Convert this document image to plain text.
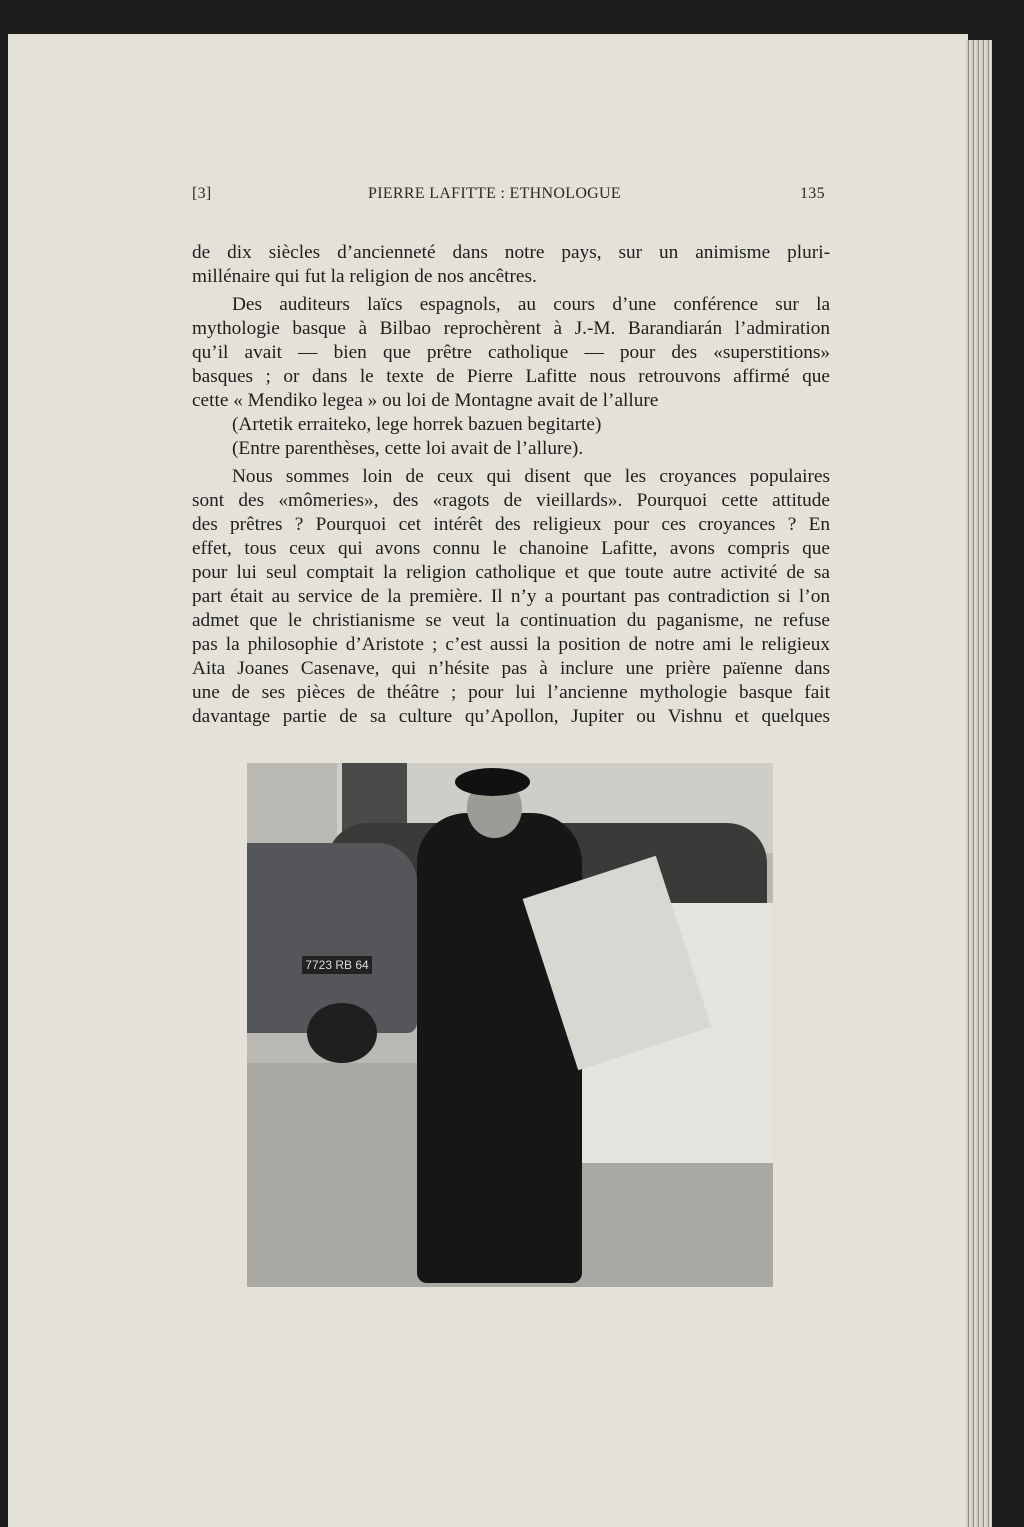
[3]	PIERRE LAFITTE : ETHNOLOGUE	135
de dix siècles d’ancienneté dans notre pays, sur un animisme pluri-
millénaire qui fut la religion de nos ancêtres.
Des auditeurs laïcs espagnols, au cours d’une conférence sur la
mythologie basque à Bilbao reprochèrent à J.-M. Barandiarán l’admiration
qu’il avait — bien que prêtre catholique — pour des «superstitions»
basques ; or dans le texte de Pierre Lafitte nous retrouvons affirmé que
cette « Mendiko legea » ou loi de Montagne avait de l’allure
(Artetik erraiteko, lege horrek bazuen begitarte)
(Entre parenthèses, cette loi avait de l’allure).
Nous sommes loin de ceux qui disent que les croyances populaires
sont des «mômeries», des «ragots de vieillards». Pourquoi cette attitude
des prêtres ? Pourquoi cet intérêt des religieux pour ces croyances ? En
effet, tous ceux qui avons connu le chanoine Lafitte, avons compris que
pour lui seul comptait la religion catholique et que toute autre activité de sa
part était au service de la première. Il n’y a pourtant pas contradiction si l’on
admet que le christianisme se veut la continuation du paganisme, ne refuse
pas la philosophie d’Aristote ; c’est aussi la position de notre ami le religieux
Aita Joanes Casenave, qui n’hésite pas à inclure une prière païenne dans
une de ses pièces de théâtre ; pour lui l’ancienne mythologie basque fait
davantage partie de sa culture qu’Apollon, Jupiter ou Vishnu et quelques
7723 RB 64
